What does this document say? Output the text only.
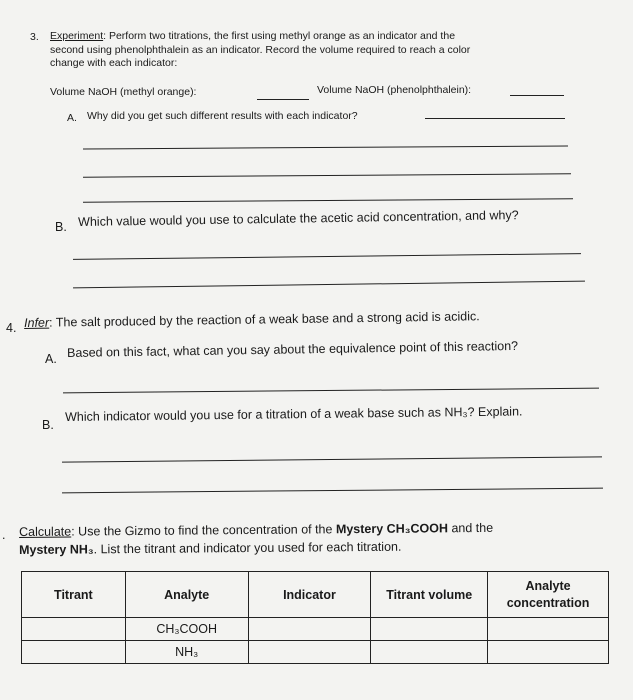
3. Experiment: Perform two titrations, the first using methyl orange as an indicator and the
second using phenolphthalein as an indicator. Record the volume required to reach a color
change with each indicator:
Volume NaOH (methyl orange):	Volume NaOH (phenolphthalein):
A. Why did you get such different results with each indicator?
B. Which value would you use to calculate the acetic acid concentration, and why?
4. Infer: The salt produced by the reaction of a weak base and a strong acid is acidic.
A. Based on this fact, what can you say about the equivalence point of this reaction?
B.
Which indicator would you use for a titration of a weak base such as NH₃? Explain.
. Calculate: Use the Gizmo to find the concentration of the Mystery CH₃COOH and the
Mystery NH₃. List the titrant and indicator you used for each titration.
Titrant	Analyte	Indicator	Titrant volume	Analyte concentration
	CH₃COOH			
	NH₃			
